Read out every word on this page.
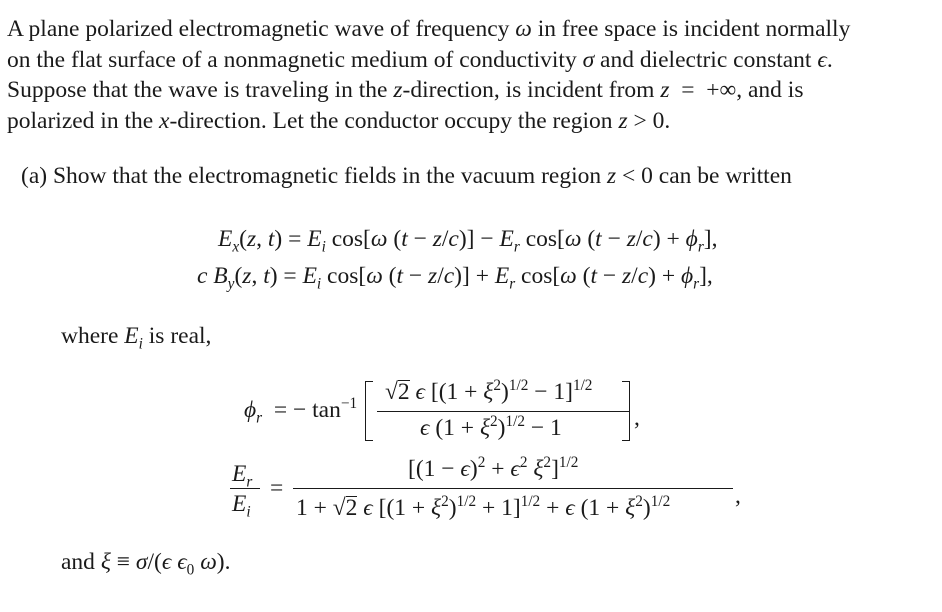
A plane polarized electromagnetic wave of frequency ω in free space is incident normally
on the flat surface of a nonmagnetic medium of conductivity σ and dielectric constant ϵ.
Suppose that the wave is traveling in the z-direction, is incident from z  =  +∞, and is
polarized in the x-direction. Let the conductor occupy the region z > 0.
(a) Show that the electromagnetic fields in the vacuum region z < 0 can be written
$E_x(z$, $t) = E_i$ cos[ω $(t - z/c)] - E_r$ cos[ω $(t - z/c) + \phi_r$],
c $B_y(z$, $t) = E_i$ cos[ω $(t - z/c)] + E_r$ cos[ω $(t - z/c) + \phi_r$],
where $E_i$ is real,
$\phi_r$  = − $\tan^{-1} √2$ ϵ $[(1 + \xi^2)^{1/2} - 1]^{1/2}$
ϵ $(1 + \xi^2)^{1/2} - 1$	,
$E_r$
$E_i$
=
[$(1 - \epsilon)^2 + \epsilon^2$ $\xi^2]^{1/2}$
1 + √2 ϵ $[(1 + \xi^2)^{1/2} + 1]^{1/2} + \epsilon$ $(1 + \xi^2)^{1/2}$	,
and ξ ≡ σ/(ϵ $\epsilon_0$ ω).
